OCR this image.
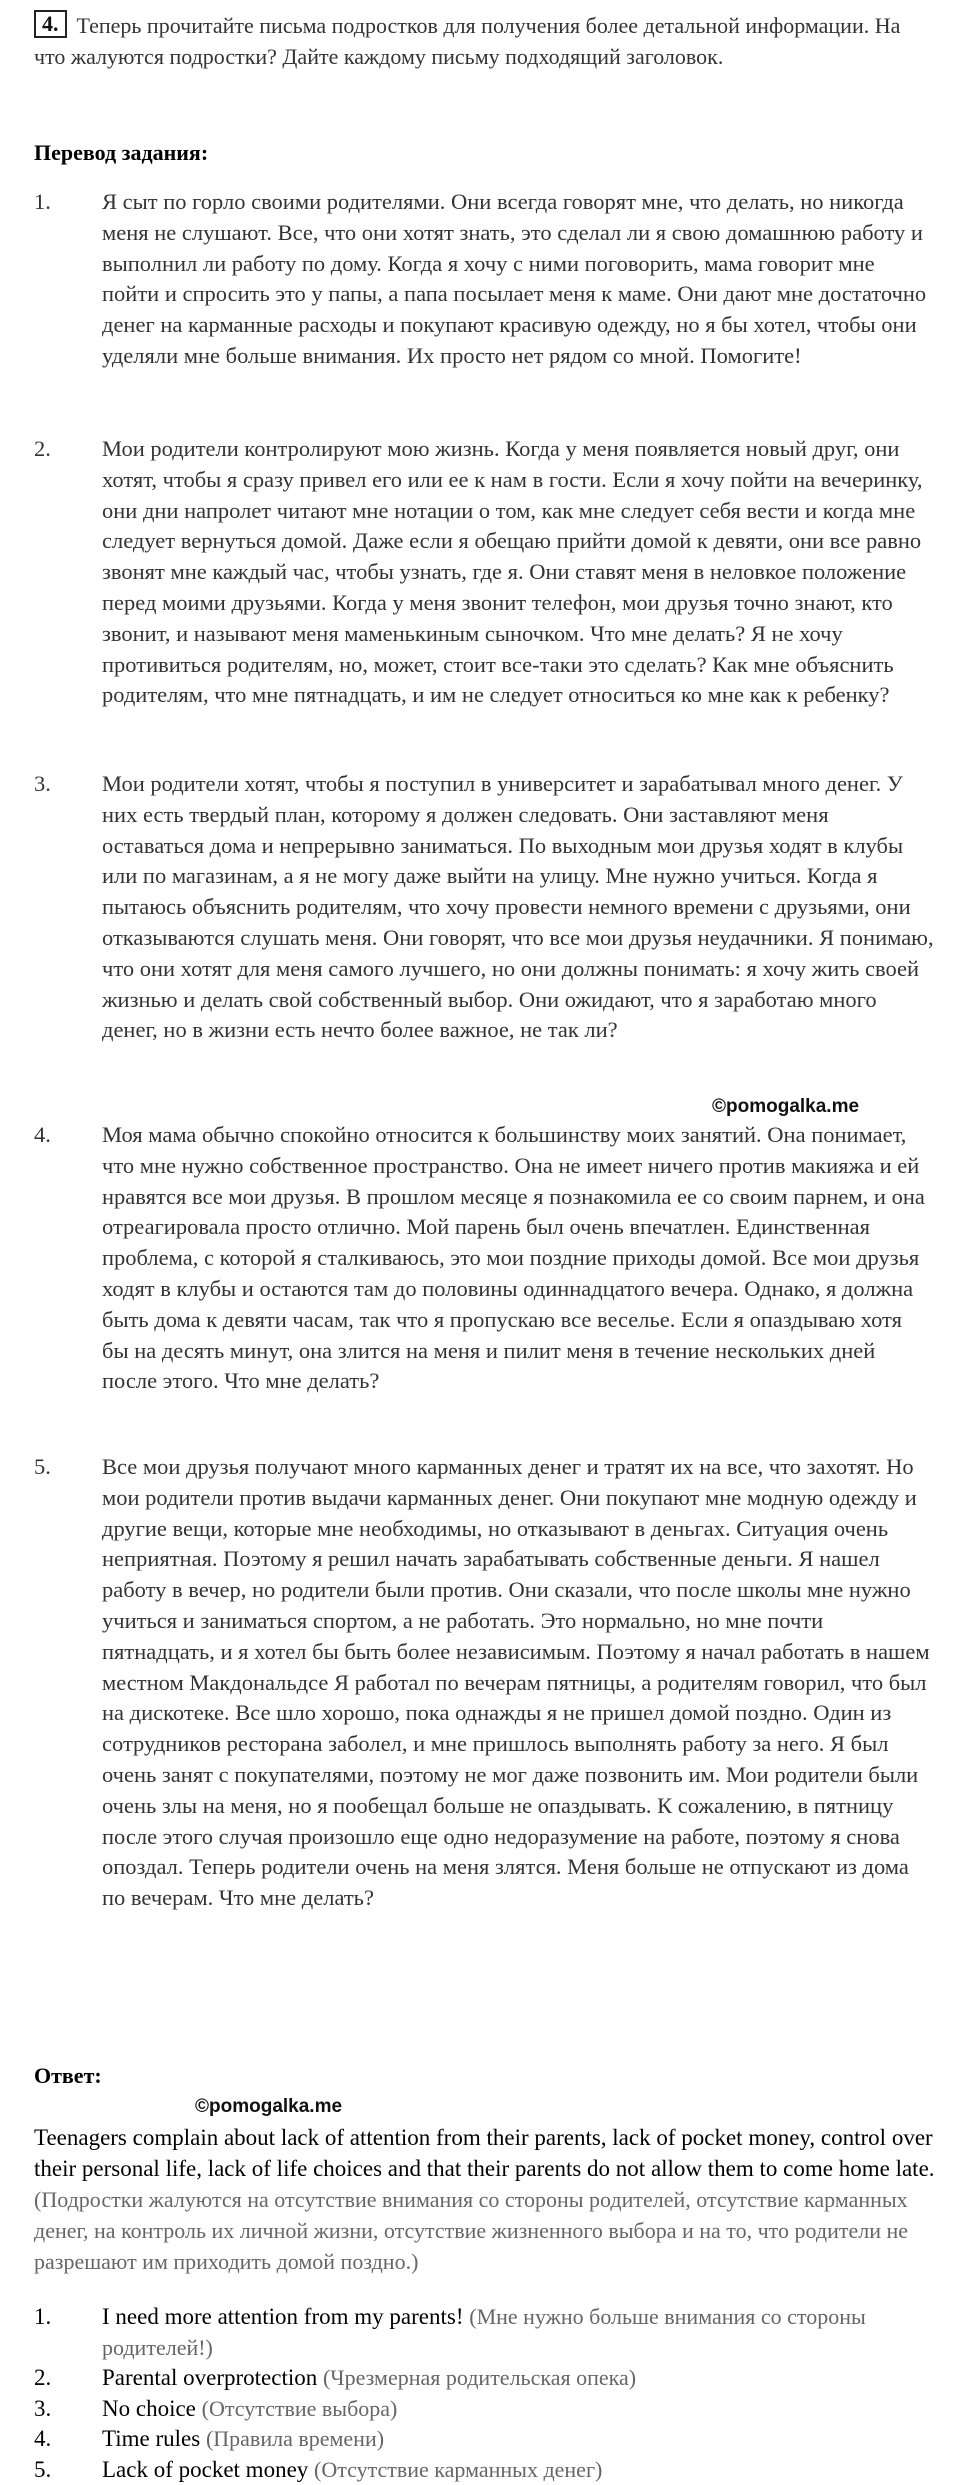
4. Теперь прочитайте письма подростков для получения более детальной информации. На что жалуются подростки? Дайте каждому письму подходящий заголовок.
Перевод задания:
1.	Я сыт по горло своими родителями. Они всегда говорят мне, что делать, но никогда меня не слушают. Все, что они хотят знать, это сделал ли я свою домашнюю работу и выполнил ли работу по дому. Когда я хочу с ними поговорить, мама говорит мне пойти и спросить это у папы, а папа посылает меня к маме. Они дают мне достаточно денег на карманные расходы и покупают красивую одежду, но я бы хотел, чтобы они уделяли мне больше внимания. Их просто нет рядом со мной. Помогите!

2.	Мои родители контролируют мою жизнь. Когда у меня появляется новый друг, они хотят, чтобы я сразу привел его или ее к нам в гости. Если я хочу пойти на вечеринку, они дни напролет читают мне нотации о том, как мне следует себя вести и когда мне следует вернуться домой. Даже если я обещаю прийти домой к девяти, они все равно звонят мне каждый час, чтобы узнать, где я. Они ставят меня в неловкое положение перед моими друзьями. Когда у меня звонит телефон, мои друзья точно знают, кто звонит, и называют меня маменькиным сыночком. Что мне делать? Я не хочу противиться родителям, но, может, стоит все-таки это сделать? Как мне объяснить родителям, что мне пятнадцать, и им не следует относиться ко мне как к ребенку?

3.	Мои родители хотят, чтобы я поступил в университет и зарабатывал много денег. У них есть твердый план, которому я должен следовать. Они заставляют меня оставаться дома и непрерывно заниматься. По выходным мои друзья ходят в клубы или по магазинам, а я не могу даже выйти на улицу. Мне нужно учиться. Когда я пытаюсь объяснить родителям, что хочу провести немного времени с друзьями, они

отказываются слушать меня. Они говорят, что все мои друзья неудачники. Я понимаю, что они хотят для меня самого лучшего, но они должны понимать: я хочу жить своей жизнью и делать свой собственный выбор. Они ожидают, что я заработаю много денег, но в жизни есть нечто более важное, не так ли?

©pomogalka.me
4.	Моя мама обычно спокойно относится к большинству моих занятий. Она понимает, что мне нужно собственное пространство. Она не имеет ничего против макияжа и ей нравятся все мои друзья. В прошлом месяце я познакомила ее со своим парнем, и она отреагировала просто отлично. Мой парень был очень впечатлен. Единственная проблема, с которой я сталкиваюсь, это мои поздние приходы домой. Все мои друзья ходят в клубы и остаются там до половины одиннадцатого вечера. Однако, я должна быть дома к девяти часам, так что я пропускаю все веселье. Если я опаздываю хотя бы на десять минут, она злится на меня и пилит меня в течение нескольких дней после этого. Что мне делать?

5.	Все мои друзья получают много карманных денег и тратят их на все, что захотят. Но мои родители против выдачи карманных денег. Они покупают мне модную одежду и другие вещи, которые мне необходимы, но отказывают в деньгах. Ситуация очень неприятная. Поэтому я решил начать зарабатывать собственные деньги. Я нашел работу в вечер, но родители были против. Они сказали, что после школы мне нужно учиться и заниматься спортом, а не работать. Это нормально, но мне почти пятнадцать, и я хотел бы быть более независимым. Поэтому я начал работать в нашем местном Макдональдсе Я работал по вечерам пятницы, а родителям говорил, что был на дискотеке. Все шло хорошо, пока однажды я не пришел домой поздно. Один из сотрудников ресторана заболел, и мне пришлось выполнять работу за него. Я был очень занят с покупателями, поэтому не мог даже позвонить им. Мои родители были очень злы на меня, но я пообещал больше не опаздывать. К сожалению, в пятницу после этого случая произошло еще одно недоразумение на работе, поэтому я снова опоздал. Теперь родители очень на меня злятся. Меня больше не отпускают из дома по вечерам. Что мне делать?

Ответ:
©pomogalka.me
Teenagers complain about lack of attention from their parents, lack of pocket money, control over their personal life, lack of life choices and that their parents do not allow them to come home late. (Подростки жалуются на отсутствие внимания со стороны родителей, отсутствие карманных денег, на контроль их личной жизни, отсутствие жизненного выбора и на то, что родители не разрешают им приходить домой поздно.)
1. I need more attention from my parents! (Мне нужно больше внимания со стороны родителей!)
2. Parental overprotection (Чрезмерная родительская опека)
3. No choice (Отсутствие выбора)
4. Time rules (Правила времени)
5. Lack of pocket money (Отсутствие карманных денег)
